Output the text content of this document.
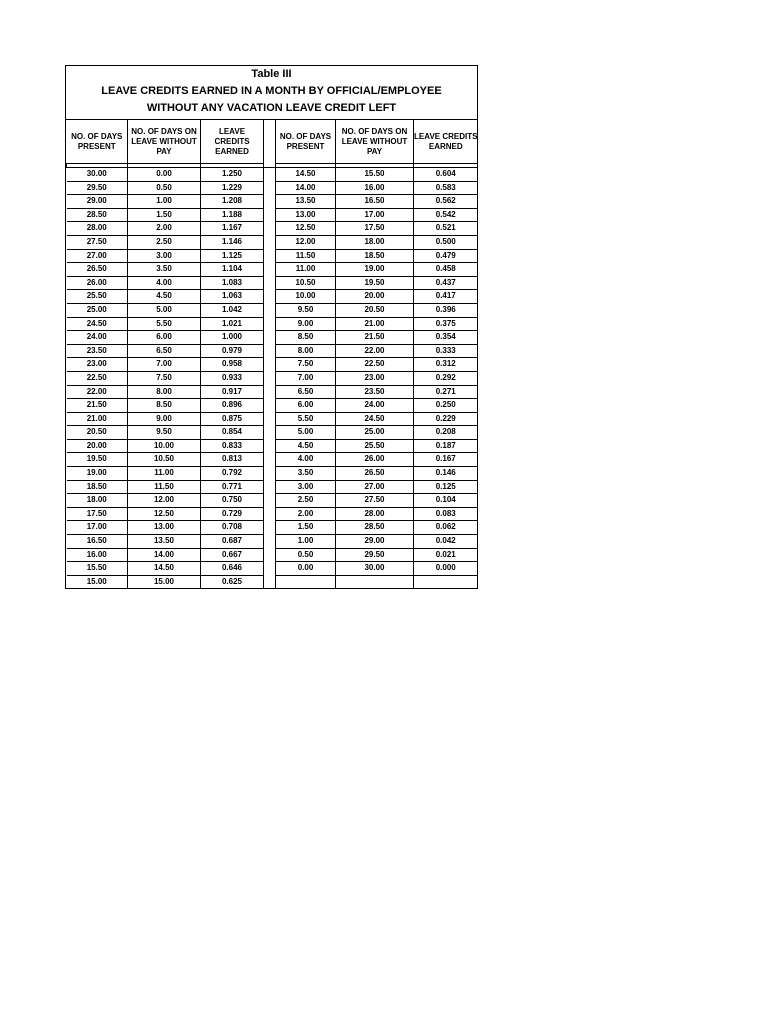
Table III
LEAVE CREDITS EARNED IN A MONTH BY OFFICIAL/EMPLOYEE
WITHOUT ANY VACATION LEAVE CREDIT LEFT
NO. OF DAYS PRESENT	NO. OF DAYS ON LEAVE WITHOUT PAY	LEAVE CREDITS EARNED		NO. OF DAYS PRESENT	NO. OF DAYS ON LEAVE WITHOUT PAY	LEAVE CREDITS EARNED

30.00	0.00	1.250		14.50	15.50	0.604
29.50	0.50	1.229		14.00	16.00	0.583
29.00	1.00	1.208		13.50	16.50	0.562
28.50	1.50	1.188		13.00	17.00	0.542
28.00	2.00	1.167		12.50	17.50	0.521
27.50	2.50	1.146		12.00	18.00	0.500
27.00	3.00	1.125		11.50	18.50	0.479
26.50	3.50	1.104		11.00	19.00	0.458
26.00	4.00	1.083		10.50	19.50	0.437
25.50	4.50	1.063		10.00	20.00	0.417
25.00	5.00	1.042		9.50	20.50	0.396
24.50	5.50	1.021		9.00	21.00	0.375
24.00	6.00	1.000		8.50	21.50	0.354
23.50	6.50	0.979		8.00	22.00	0.333
23.00	7.00	0.958		7.50	22.50	0.312
22.50	7.50	0.933		7.00	23.00	0.292
22.00	8.00	0.917		6.50	23.50	0.271
21.50	8.50	0.896		6.00	24.00	0.250
21.00	9.00	0.875		5.50	24.50	0.229
20.50	9.50	0.854		5.00	25.00	0.208
20.00	10.00	0.833		4.50	25.50	0.187
19.50	10.50	0.813		4.00	26.00	0.167
19.00	11.00	0.792		3.50	26.50	0.146
18.50	11.50	0.771		3.00	27.00	0.125
18.00	12.00	0.750		2.50	27.50	0.104
17.50	12.50	0.729		2.00	28.00	0.083
17.00	13.00	0.708		1.50	28.50	0.062
16.50	13.50	0.687		1.00	29.00	0.042
16.00	14.00	0.667		0.50	29.50	0.021
15.50	14.50	0.646		0.00	30.00	0.000
15.00	15.00	0.625				
